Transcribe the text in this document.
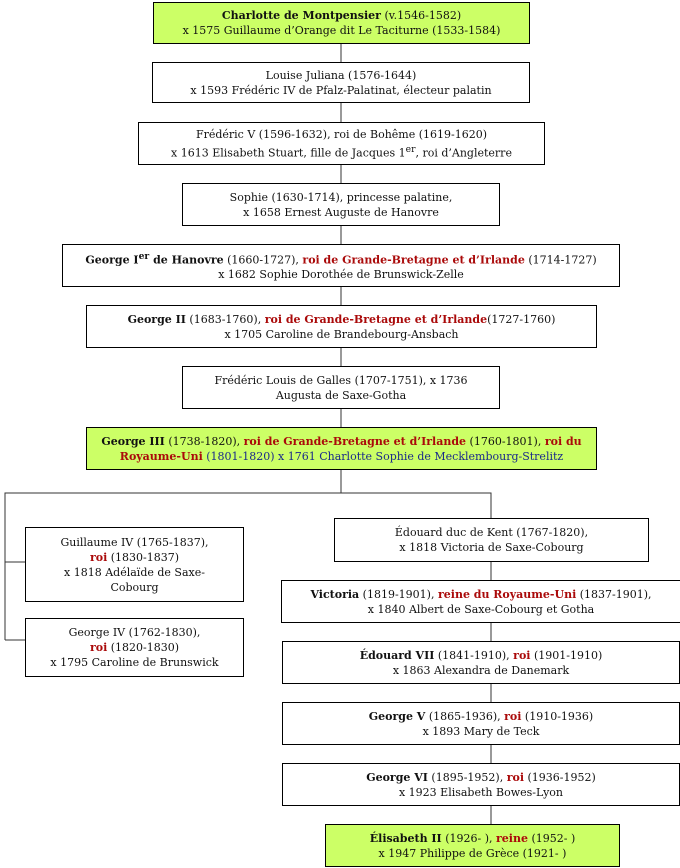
Charlotte de Montpensier (v.1546-1582)
x 1575 Guillaume d’Orange dit Le Taciturne (1533-1584)
Louise Juliana (1576-1644)
x 1593 Frédéric IV de Pfalz-Palatinat, électeur palatin
Frédéric V (1596-1632), roi de Bohême (1619-1620)
x 1613 Elisabeth Stuart, fille de Jacques 1er, roi d’Angleterre
Sophie (1630-1714), princesse palatine,
x 1658 Ernest Auguste de Hanovre
George Ier de Hanovre (1660-1727), roi de Grande-Bretagne et d’Irlande (1714-1727)
x 1682 Sophie Dorothée de Brunswick-Zelle
George II (1683-1760), roi de Grande-Bretagne et d’Irlande(1727-1760)
x 1705 Caroline de Brandebourg-Ansbach
Frédéric Louis de Galles (1707-1751), x 1736
Augusta de Saxe-Gotha
George III (1738-1820), roi de Grande-Bretagne et d’Irlande (1760-1801), roi du
Royaume-Uni (1801-1820) x 1761 Charlotte Sophie de Mecklembourg-Strelitz
Guillaume IV (1765-1837),
roi (1830-1837)
x 1818 Adélaïde de Saxe-
Cobourg
George IV (1762-1830),
roi (1820-1830)
x 1795 Caroline de Brunswick
Édouard duc de Kent (1767-1820),
x 1818 Victoria de Saxe-Cobourg
Victoria (1819-1901), reine du Royaume-Uni (1837-1901),
x 1840 Albert de Saxe-Cobourg et Gotha
Édouard VII (1841-1910), roi (1901-1910)
x 1863 Alexandra de Danemark
George V (1865-1936), roi (1910-1936)
x 1893 Mary de Teck
George VI (1895-1952), roi (1936-1952)
x 1923 Elisabeth Bowes-Lyon
Élisabeth II (1926- ), reine (1952- )
x 1947 Philippe de Grèce (1921- )
